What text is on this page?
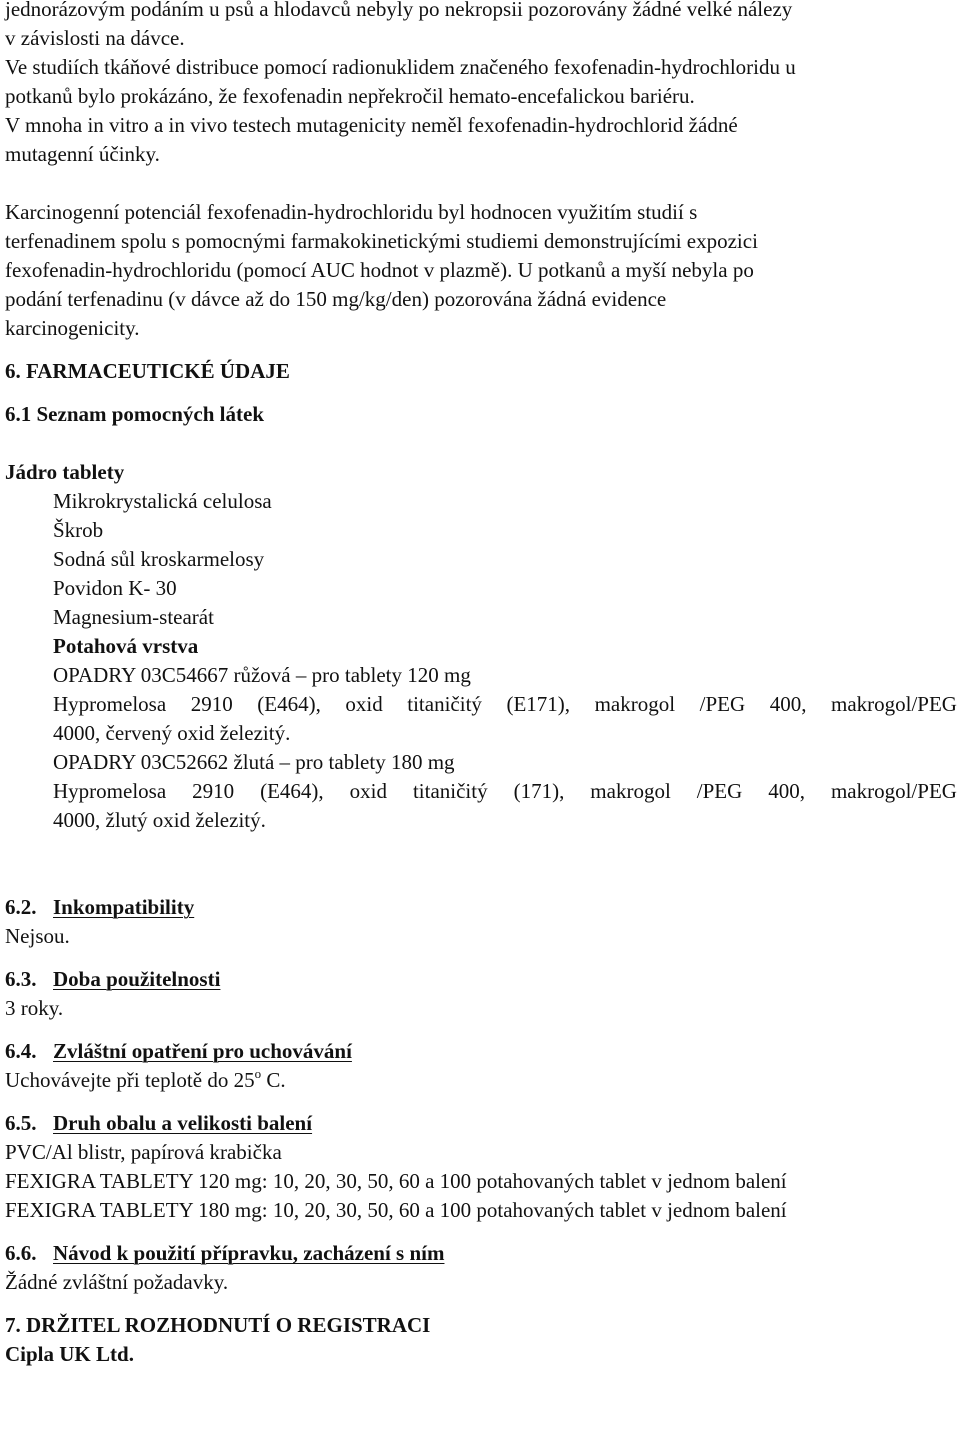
jednorázovým podáním u psů a hlodavců nebyly po nekropsii pozorovány žádné velké nálezy
v závislosti na dávce.
Ve studiích tkáňové distribuce pomocí radionuklidem značeného fexofenadin-hydrochloridu u
potkanů bylo prokázáno, že fexofenadin nepřekročil hemato-encefalickou bariéru.
V mnoha in vitro a in vivo testech mutagenicity neměl fexofenadin-hydrochlorid žádné
mutagenní účinky.
Karcinogenní potenciál fexofenadin-hydrochloridu byl hodnocen využitím studií s
terfenadinem spolu s pomocnými farmakokinetickými studiemi demonstrujícími expozici
fexofenadin-hydrochloridu (pomocí AUC hodnot v plazmě). U potkanů a myší nebyla po
podání terfenadinu (v dávce až do 150 mg/kg/den) pozorována žádná evidence
karcinogenicity.
6. FARMACEUTICKÉ ÚDAJE
6.1 Seznam pomocných látek
Jádro tablety
Mikrokrystalická celulosa
Škrob
Sodná sůl kroskarmelosy
Povidon K- 30
Magnesium-stearát
Potahová vrstva
OPADRY 03C54667 růžová – pro tablety 120 mg
Hypromelosa 2910 (E464), oxid titaničitý (E171), makrogol /PEG 400, makrogol/PEG
4000, červený oxid železitý.
OPADRY 03C52662 žlutá – pro tablety 180 mg
Hypromelosa 2910 (E464), oxid titaničitý (171), makrogol /PEG 400, makrogol/PEG
4000, žlutý oxid železitý.
6.2. Inkompatibility
Nejsou.
6.3. Doba použitelnosti
3 roky.
6.4. Zvláštní opatření pro uchovávání
Uchovávejte při teplotě do 25$^o$ C.
6.5. Druh obalu a velikosti balení
PVC/Al blistr, papírová krabička
FEXIGRA TABLETY 120 mg: 10, 20, 30, 50, 60 a 100 potahovaných tablet v jednom balení
FEXIGRA TABLETY 180 mg: 10, 20, 30, 50, 60 a 100 potahovaných tablet v jednom balení
6.6. Návod k použití přípravku, zacházení s ním
Žádné zvláštní požadavky.
7. DRŽITEL ROZHODNUTÍ O REGISTRACI
Cipla UK Ltd.
